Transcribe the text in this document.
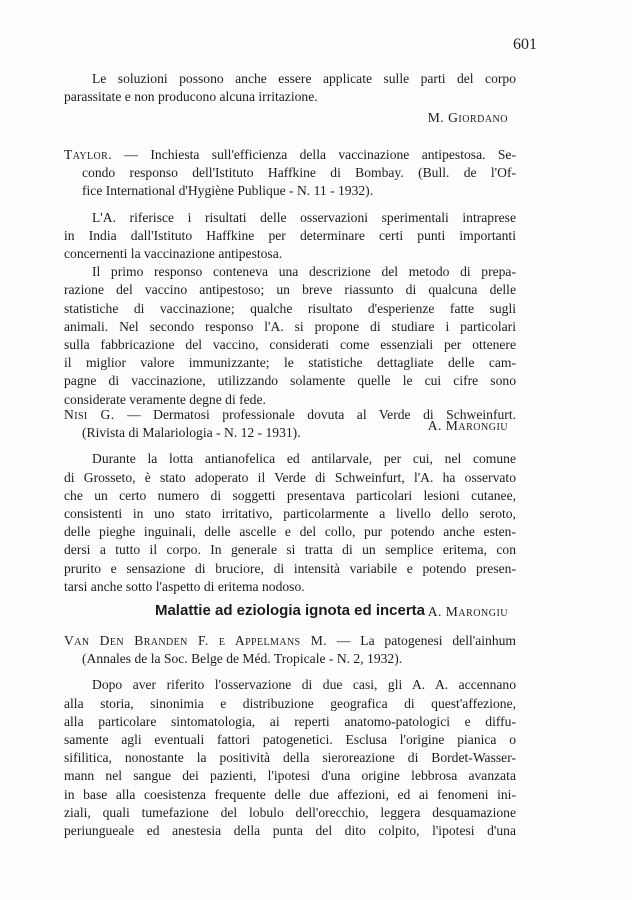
601

Le soluzioni possono anche essere applicate sulle parti del corpo

parassitate e non producono alcuna irritazione.

M. Giordano

Taylor. — Inchiesta sull'efficienza della vaccinazione antipestosa. Se-

condo responso dell'Istituto Haffkine di Bombay. (Bull. de l'Of-

fice International d'Hygiène Publique - N. 11 - 1932).

L'A. riferisce i risultati delle osservazioni sperimentali intraprese

in India dall'Istituto Haffkine per determinare certi punti importanti

concernenti la vaccinazione antipestosa.

Il primo responso conteneva una descrizione del metodo di prepa-

razione del vaccino antipestoso; un breve riassunto di qualcuna delle

statistiche di vaccinazione; qualche risultato d'esperienze fatte sugli

animali. Nel secondo responso l'A. si propone di studiare i particolari

sulla fabbricazione del vaccino, considerati come essenziali per ottenere

il miglior valore immunizzante; le statistiche dettagliate delle cam-

pagne di vaccinazione, utilizzando solamente quelle le cui cifre sono

considerate veramente degne di fede.

A. Marongiu

Nisi G. — Dermatosi professionale dovuta al Verde di Schweinfurt.

(Rivista di Malariologia - N. 12 - 1931).

Durante la lotta antianofelica ed antilarvale, per cui, nel comune

di Grosseto, è stato adoperato il Verde di Schweinfurt, l'A. ha osservato

che un certo numero di soggetti presentava particolari lesioni cutanee,

consistenti in uno stato irritativo, particolarmente a livello dello seroto,

delle pieghe inguinali, delle ascelle e del collo, pur potendo anche esten-

dersi a tutto il corpo. In generale si tratta di un semplice eritema, con

prurito e sensazione di bruciore, di intensità variabile e potendo presen-

tarsi anche sotto l'aspetto di eritema nodoso.

A. Marongiu

Malattie ad eziologia ignota ed incerta

Van Den Branden F. e Appelmans M. — La patogenesi dell'ainhum

(Annales de la Soc. Belge de Méd. Tropicale - N. 2, 1932).

Dopo aver riferito l'osservazione di due casi, gli A. A. accennano

alla storia, sinonimia e distribuzione geografica di quest'affezione,

alla particolare sintomatologia, ai reperti anatomo-patologici e diffu-

samente agli eventuali fattori patogenetici. Esclusa l'origine pianica o

sifilitica, nonostante la positività della sieroreazione di Bordet-Wasser-

mann nel sangue dei pazienti, l'ipotesi d'una origine lebbrosa avanzata

in base alla coesistenza frequente delle due affezioni, ed ai fenomeni ini-

ziali, quali tumefazione del lobulo dell'orecchio, leggera desquamazione

periungueale ed anestesia della punta del dito colpito, l'ipotesi d'una
